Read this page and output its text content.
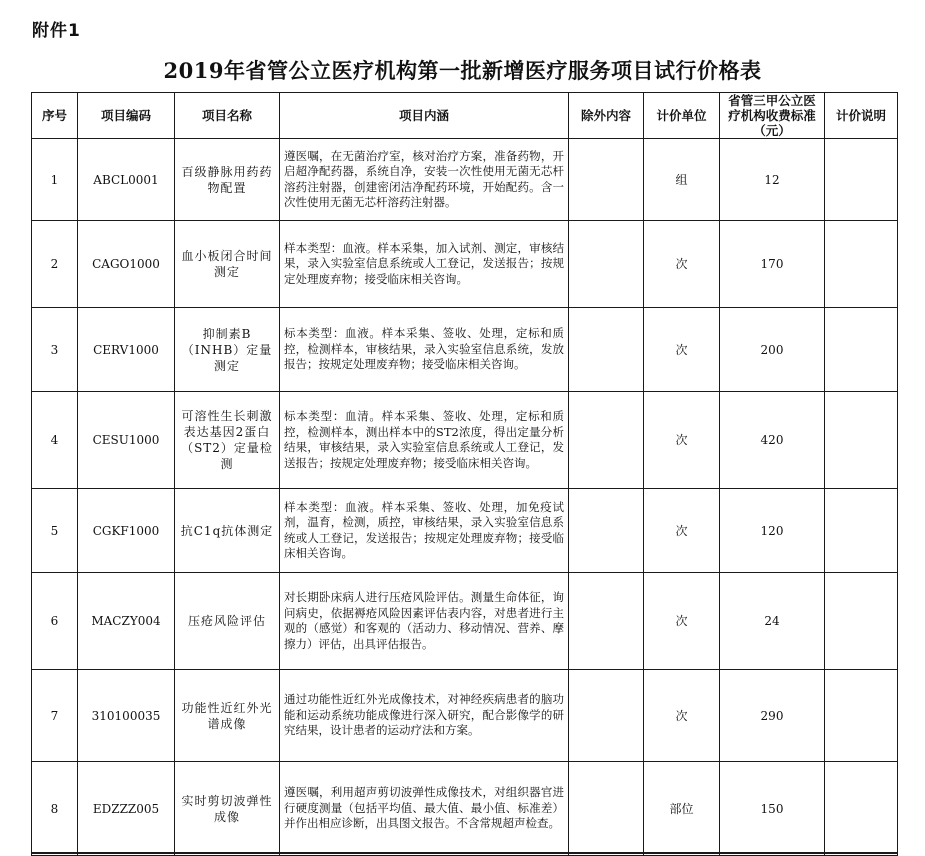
附件1
2019年省管公立医疗机构第一批新增医疗服务项目试行价格表
序号	项目编码	项目名称	项目内涵	除外内容	计价单位	省管三甲公立医疗机构收费标准（元）	计价说明
1	ABCL0001	百级静脉用药药物配置	遵医嘱，在无菌治疗室，核对治疗方案，准备药物，开启超净配药器，系统自净，安装一次性使用无菌无芯杆溶药注射器，创建密闭洁净配药环境，开始配药。含一次性使用无菌无芯杆溶药注射器。		组	12	
2	CAGO1000	血小板闭合时间测定	样本类型：血液。样本采集，加入试剂、测定，审核结果，录入实验室信息系统或人工登记，发送报告；按规定处理废弃物；接受临床相关咨询。		次	170	
3	CERV1000	抑制素B（INHB）定量测定	标本类型：血液。样本采集、签收、处理，定标和质控，检测样本，审核结果，录入实验室信息系统，发放报告；按规定处理废弃物；接受临床相关咨询。		次	200	
4	CESU1000	可溶性生长刺激表达基因2蛋白（ST2）定量检测	标本类型：血清。样本采集、签收、处理，定标和质控，检测样本，测出样本中的ST2浓度，得出定量分析结果，审核结果，录入实验室信息系统或人工登记，发送报告；按规定处理废弃物；接受临床相关咨询。		次	420	
5	CGKF1000	抗C1q抗体测定	样本类型：血液。样本采集、签收、处理，加免疫试剂，温育，检测，质控，审核结果，录入实验室信息系统或人工登记，发送报告；按规定处理废弃物；接受临床相关咨询。		次	120	
6	MACZY004	压疮风险评估	对长期卧床病人进行压疮风险评估。测量生命体征，询问病史，依据褥疮风险因素评估表内容，对患者进行主观的（感觉）和客观的（活动力、移动情况、营养、摩擦力）评估，出具评估报告。		次	24	
7	310100035	功能性近红外光谱成像	通过功能性近红外光成像技术，对神经疾病患者的脑功能和运动系统功能成像进行深入研究，配合影像学的研究结果，设计患者的运动疗法和方案。		次	290	
8	EDZZZ005	实时剪切波弹性成像	遵医嘱，利用超声剪切波弹性成像技术，对组织器官进行硬度测量（包括平均值、最大值、最小值、标准差）并作出相应诊断，出具图文报告。不含常规超声检查。		部位	150	
